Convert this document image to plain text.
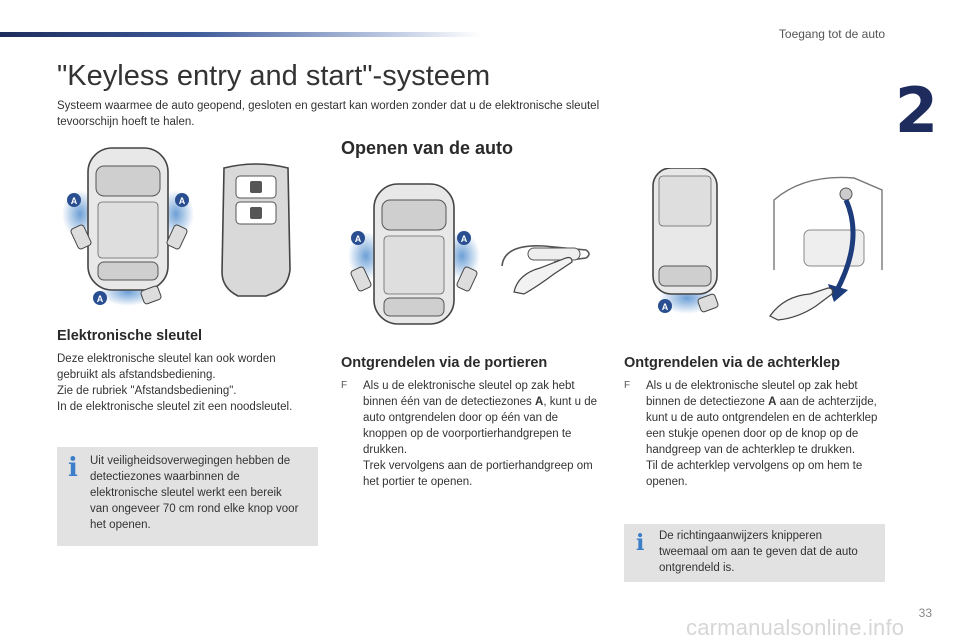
Toegang tot de auto
2
"Keyless entry and start"-systeem
Systeem waarmee de auto geopend, gesloten en gestart kan worden zonder dat u de elektronische sleutel tevoorschijn hoeft te halen.
A	A
A
Elektronische sleutel
Deze elektronische sleutel kan ook worden gebruikt als afstandsbediening.
Zie de rubriek "Afstandsbediening".
In de elektronische sleutel zit een noodsleutel.
i Uit veiligheidsoverwegingen hebben de detectiezones waarbinnen de elektronische sleutel werkt een bereik van ongeveer 70 cm rond elke knop voor het openen.
Openen van de auto
A	A
A
Ontgrendelen via de portieren
F Als u de elektronische sleutel op zak hebt binnen één van de detectiezones A, kunt u de auto ontgrendelen door op één van de knoppen op de voorportierhandgrepen te drukken.
Trek vervolgens aan de portierhandgreep om het portier te openen.
Ontgrendelen via de achterklep
F Als u de elektronische sleutel op zak hebt binnen de detectiezone A aan de achterzijde, kunt u de auto ontgrendelen en de achterklep een stukje openen door op de knop op de handgreep van de achterklep te drukken.
Til de achterklep vervolgens op om hem te openen.
i De richtingaanwijzers knipperen tweemaal om aan te geven dat de auto ontgrendeld is.
33
carmanualsonline.info
